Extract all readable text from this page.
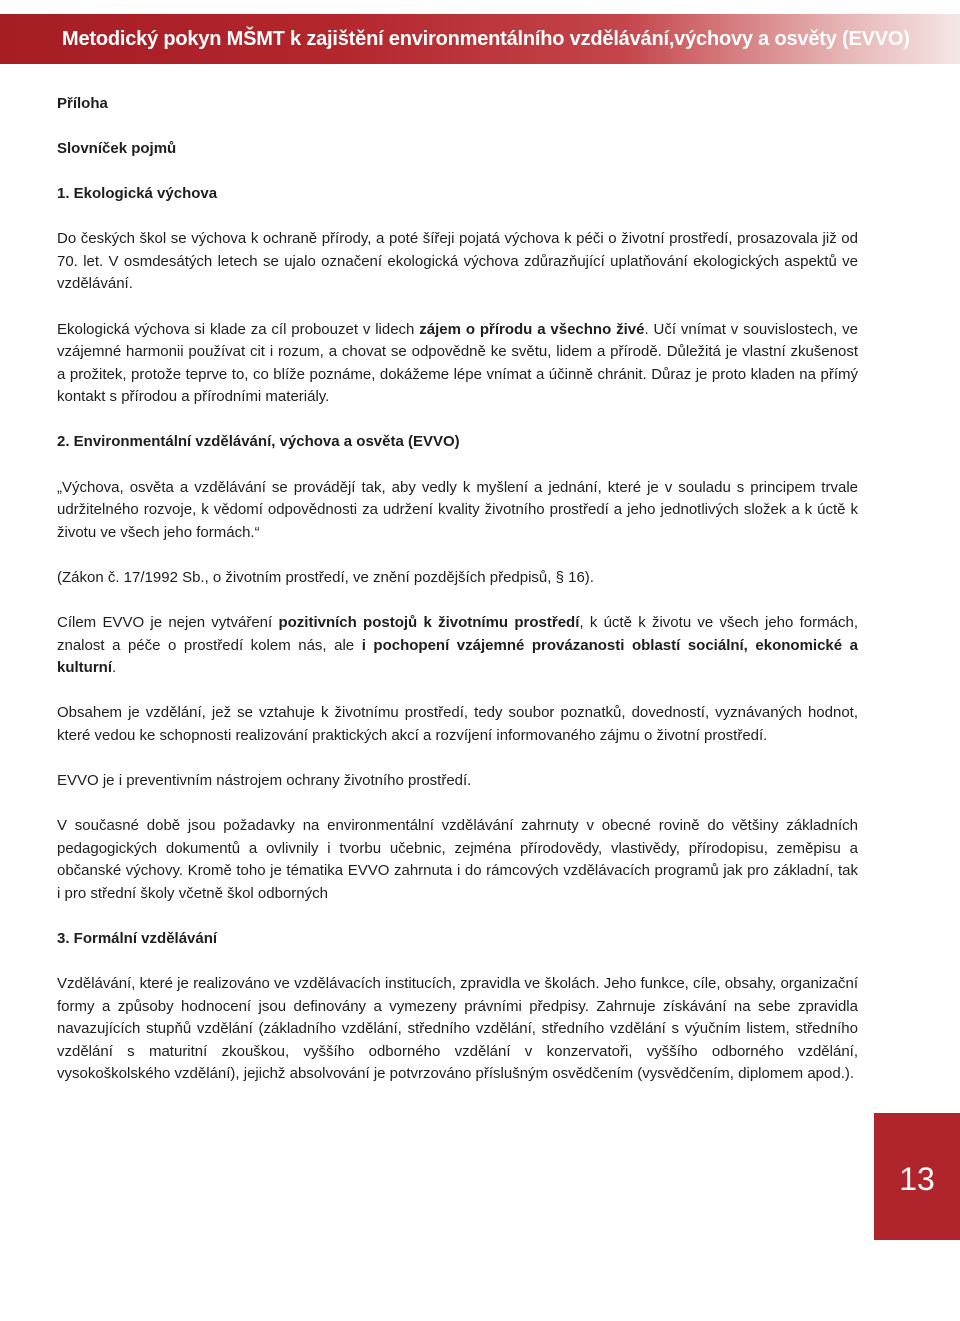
Metodický pokyn MŠMT k zajištění environmentálního vzdělávání,výchovy a osvěty (EVVO)

Příloha

Slovníček pojmů

1. Ekologická výchova

Do českých škol se výchova k ochraně přírody, a poté šířeji pojatá výchova k péči o životní prostředí, prosazovala již od 70. let. V osmdesátých letech se ujalo označení ekologická výchova zdůrazňující uplatňování ekologických aspektů ve vzdělávání.

Ekologická výchova si klade za cíl probouzet v lidech zájem o přírodu a všechno živé. Učí vnímat v souvislostech, ve vzájemné harmonii používat cit i rozum, a chovat se odpovědně ke světu, lidem a přírodě. Důležitá je vlastní zkušenost a prožitek, protože teprve to, co blíže poznáme, dokážeme lépe vnímat a účinně chránit. Důraz je proto kladen na přímý kontakt s přírodou a přírodními materiály.

2. Environmentální vzdělávání, výchova a osvěta (EVVO)

„Výchova, osvěta a vzdělávání se provádějí tak, aby vedly k myšlení a jednání, které je v souladu s principem trvale udržitelného rozvoje, k vědomí odpovědnosti za udržení kvality životního prostředí a jeho jednotlivých složek a k úctě k životu ve všech jeho formách.“

(Zákon č. 17/1992 Sb., o životním prostředí, ve znění pozdějších předpisů, § 16).

Cílem EVVO je nejen vytváření pozitivních postojů k životnímu prostředí, k úctě k životu ve všech jeho formách, znalost a péče o prostředí kolem nás, ale i pochopení vzájemné provázanosti oblastí sociální, ekonomické a kulturní.

Obsahem je vzdělání, jež se vztahuje k životnímu prostředí, tedy soubor poznatků, dovedností, vyznávaných hodnot, které vedou ke schopnosti realizování praktických akcí a rozvíjení informovaného zájmu o životní prostředí.

EVVO je i preventivním nástrojem ochrany životního prostředí.

V současné době jsou požadavky na environmentální vzdělávání zahrnuty v obecné rovině do většiny základních pedagogických dokumentů a ovlivnily i tvorbu učebnic, zejména přírodovědy, vlastivědy, přírodopisu, zeměpisu a občanské výchovy. Kromě toho je tématika EVVO zahrnuta i do rámcových vzdělávacích programů jak pro základní, tak i pro střední školy včetně škol odborných

3. Formální vzdělávání

Vzdělávání, které je realizováno ve vzdělávacích institucích, zpravidla ve školách. Jeho funkce, cíle, obsahy, organizační formy a způsoby hodnocení jsou definovány a vymezeny právními předpisy. Zahrnuje získávání na sebe zpravidla navazujících stupňů vzdělání (základního vzdělání, středního vzdělání, středního vzdělání s výučním listem, středního vzdělání s maturitní zkouškou, vyššího odborného vzdělání v konzervatoři, vyššího odborného vzdělání, vysokoškolského vzdělání), jejichž absolvování je potvrzováno příslušným osvědčením (vysvědčením, diplomem apod.).

13
